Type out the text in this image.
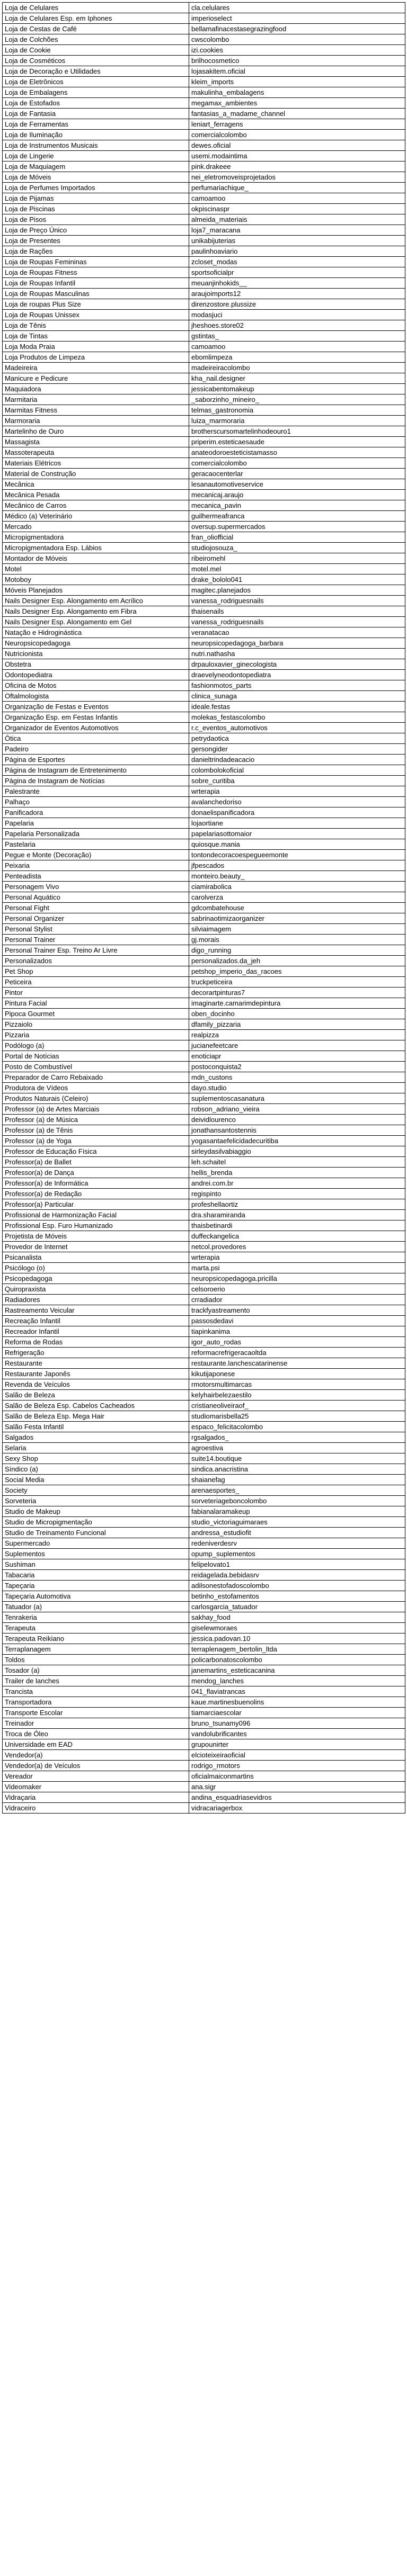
Loja de Celulares	cla.celulares
Loja de Celulares Esp. em Iphones	imperioselect
Loja de Cestas de Café	bellamafinacestasegrazingfood
Loja de Colchões	cwscolombo
Loja de Cookie	izi.cookies
Loja de Cosméticos	brilhocosmetico
Loja de Decoração e Utilidades	lojasakitem.oficial
Loja de Eletrônicos	kleim_imports
Loja de Embalagens	makulinha_embalagens
Loja de Estofados	megamax_ambientes
Loja de Fantasia	fantasias_a_madame_channel
Loja de Ferramentas	leniart_ferragens
Loja de Iluminação	comercialcolombo
Loja de Instrumentos Musicais	dewes.oficial
Loja de Lingerie	usemi.modaintima
Loja de Maquiagem	pink.drakeee
Loja de Móveis	nei_eletromoveisprojetados
Loja de Perfumes Importados	perfumariachique_
Loja de Pijamas	camoamoo
Loja de Piscinas	okpiscinaspr
Loja de Pisos	almeida_materiais
Loja de Preço Único	loja7_maracana
Loja de Presentes	unikabijuterias
Loja de Rações	paulinhoaviario
Loja de Roupas Femininas	zcloset_modas
Loja de Roupas Fitness	sportsoficialpr
Loja de Roupas Infantil	meuanjinhokids__
Loja de Roupas Masculinas	araujoimports12
Loja de roupas Plus Size	direnzostore.plussize
Loja de Roupas Unissex	modasjuci
Loja de Tênis	jheshoes.store02
Loja de Tintas	gstintas_
Loja Moda Praia	camoamoo
Loja Produtos de Limpeza	ebomlimpeza
Madeireira	madeireiracolombo
Manicure e Pedicure	kha_nail.designer
Maquiadora	jessicabentomakeup
Marmitaria	_saborzinho_mineiro_
Marmitas Fitness	telmas_gastronomia
Marmoraria	luiza_marmoraria
Martelinho de Ouro	brotherscursomartelinhodeouro1
Massagista	priperim.esteticaesaude
Massoterapeuta	anateodoroesteticistamasso
Materiais Elétricos	comercialcolombo
Material de Construção	geracaocenterlar
Mecânica	lesanautomotiveservice
Mecânica Pesada	mecanicaj.araujo
Mecânico de Carros	mecanica_pavin
Médico (a) Veterinário	guilhermeafranca
Mercado	oversup.supermercados
Micropigmentadora	fran_oliofficial
Micropigmentadora Esp. Lábios	studiojosouza_
Montador de Móveis	ribeiromehl
Motel	motel.mel
Motoboy	drake_bololo041
Móveis Planejados	magitec.planejados
Nails Designer Esp. Alongamento em Acrílico	vanessa_rodriguesnails
Nails Designer Esp. Alongamento em Fibra	thaisenails
Nails Designer Esp. Alongamento em Gel	vanessa_rodriguesnails
Natação e Hidroginástica	veranatacao
Neuropsicopedagoga	neuropsicopedagoga_barbara
Nutricionista	nutri.nathasha
Obstetra	drpauloxavier_ginecologista
Odontopediatra	draevelyneodontopediatra
Oficina de Motos	fashionmotos_parts
Oftalmologista	clinica_sunaga
Organização de Festas e Eventos	ideale.festas
Organização Esp. em Festas Infantis	molekas_festascolombo
Organizador de Eventos Automotivos	r.c_eventos_automotivos
Ótica	petrydaotica
Padeiro	gersongider
Página de Esportes	danieltrindadeacacio
Página de Instagram de Entretenimento	colombolokoficial
Página de Instagram de Notícias	sobre_curitiba
Palestrante	wrterapia
Palhaço	avalanchedoriso
Panificadora	donaelispanificadora
Papelaria	lojaortiane
Papelaria Personalizada	papelariasottomaior
Pastelaria	quiosque.mania
Pegue e Monte (Decoração)	tontondecoracoespegueemonte
Peixaria	jfpescados
Penteadista	monteiro.beauty_
Personagem Vivo	ciamirabolica
Personal Aquático	carolverza
Personal Fight	gdcombatehouse
Personal Organizer	sabrinaotimizaorganizer
Personal Stylist	silviaimagem
Personal Trainer	gj.morais
Personal Trainer Esp. Treino Ar Livre	digo_running
Personalizados	personalizados.da_jeh
Pet Shop	petshop_imperio_das_racoes
Peticeira	truckpeticeira
Pintor	decorartpinturas7
Pintura Facial	imaginarte.camarimdepintura
Pipoca Gourmet	oben_docinho
Pizzaiolo	dfamily_pizzaria
Pizzaria	realpizza
Podólogo (a)	jucianefeetcare
Portal de Notícias	enoticiapr
Posto de Combustível	postoconquista2
Preparador de Carro Rebaixado	mdn_custons
Produtora de Vídeos	dayo.studio
Produtos Naturais (Celeiro)	suplementoscasanatura
Professor (a) de Artes Marciais	robson_adriano_vieira
Professor (a) de Música	deividlourenco
Professor (a) de Tênis	jonathansantostennis
Professor (a) de Yoga	yogasantaefelicidadecuritiba
Professor de Educação Física	sirleydasilvabiaggio
Professor(a) de Ballet	leh.schaitel
Professor(a) de Dança	hellis_brenda
Professor(a) de Informática	andrei.com.br
Professor(a) de Redação	regispinto
Professor(a) Particular	profeshellaortiz
Profissional de Harmonização Facial	dra.sharamiranda
Profissional Esp. Furo Humanizado	thaisbetinardi
Projetista de Móveis	duffeckangelica
Provedor de Internet	netcol.provedores
Psicanalista	wrterapia
Psicólogo (o)	marta.psi
Psicopedagoga	neuropsicopedagoga.pricilla
Quiropraxista	celsoroerio
Radiadores	crradiador
Rastreamento Veicular	trackfyastreamento
Recreação Infantil	passosdedavi
Recreador Infantil	tiapinkanima
Reforma de Rodas	igor_auto_rodas
Refrigeração	reformacrefrigeracaoltda
Restaurante	restaurante.lanchescatarinense
Restaurante Japonês	kikutijaponese
Revenda de Veículos	rmotorsmultimarcas
Salão de Beleza	kelyhairbelezaestilo
Salão de Beleza Esp. Cabelos Cacheados	cristianeoliveiraof_
Salão de Beleza Esp. Mega Hair	studiomarisbella25
Salão Festa Infantil	espaco_felicitacolombo
Salgados	rgsalgados_
Selaria	agroestiva
Sexy Shop	suite14.boutique
Síndico (a)	sindica.anacristina
Social Media	shaianefag
Society	arenaesportes_
Sorveteria	sorveteriageboncolombo
Studio de Makeup	fabianalaramakeup
Studio de Micropigmentação	studio_victoriaguimaraes
Studio de Treinamento Funcional	andressa_estudiofit
Supermercado	redeniverdesrv
Suplementos	opump_suplementos
Sushiman	felipelovato1
Tabacaria	reidagelada.bebidasrv
Tapeçaria	adilsonestofadoscolombo
Tapeçaria Automotiva	betinho_estofamentos
Tatuador (a)	carlosgarcia_tatuador
Tenrakeria	sakhay_food
Terapeuta	giselewmoraes
Terapeuta Reikiano	jessica.padovan.10
Terraplanagem	terraplenagem_bertolin_ltda
Toldos	policarbonatoscolombo
Tosador (a)	janemartins_esteticacanina
Trailer de lanches	mendog_lanches
Trancista	041_flaviatrancas
Transportadora	kaue.martinesbuenolins
Transporte Escolar	tiamarciaescolar
Treinador	bruno_tsunamy096
Troca de Óleo	vandolubrificantes
Universidade em EAD	grupounirter
Vendedor(a)	elcioteixeiraoficial
Vendedor(a) de Veículos	rodrigo_rmotors
Vereador	oficialmaiconmartins
Videomaker	ana.sigr
Vidraçaria	andina_esquadriasevidros
Vidraceiro	vidracariagerbox
